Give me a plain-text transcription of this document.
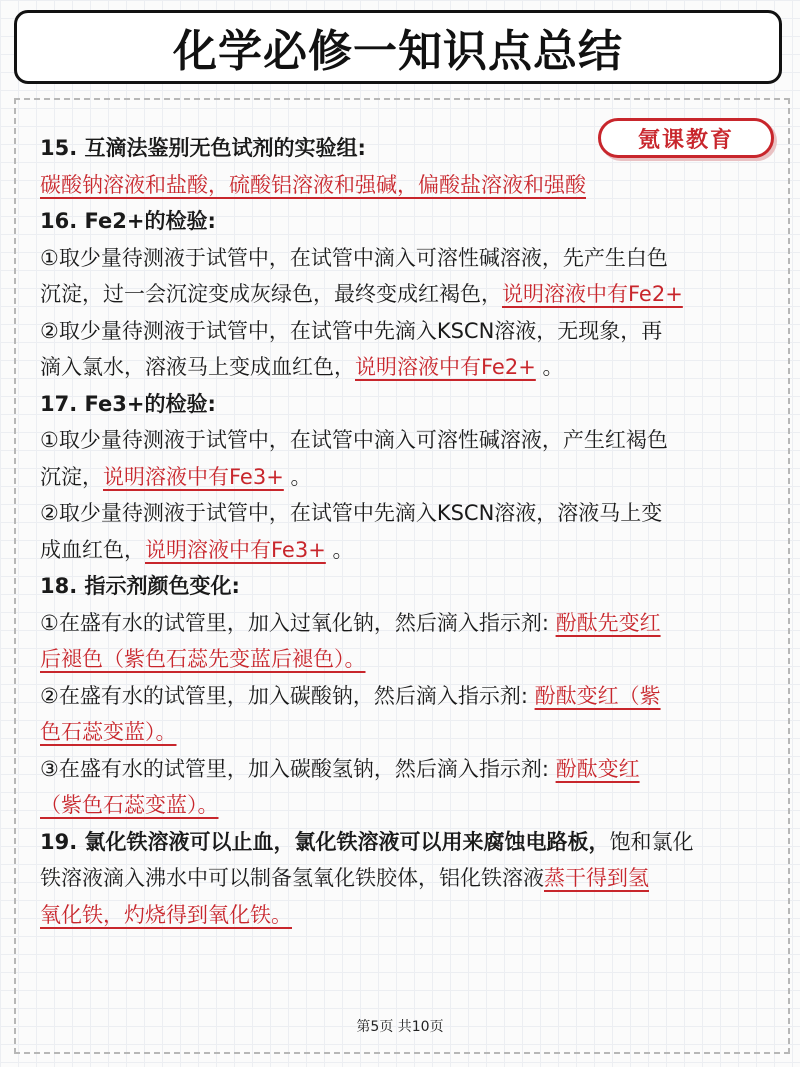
化学必修一知识点总结
氪课教育
15. 互滴法鉴别无色试剂的实验组:
碳酸钠溶液和盐酸，硫酸铝溶液和强碱，偏酸盐溶液和强酸
16. Fe2+的检验:
①取少量待测液于试管中，在试管中滴入可溶性碱溶液，先产生白色
沉淀，过一会沉淀变成灰绿色，最终变成红褐色，说明溶液中有Fe2+
②取少量待测液于试管中，在试管中先滴入KSCN溶液，无现象，再
滴入氯水，溶液马上变成血红色，说明溶液中有Fe2+ 。
17. Fe3+的检验:
①取少量待测液于试管中，在试管中滴入可溶性碱溶液，产生红褐色
沉淀，说明溶液中有Fe3+ 。
②取少量待测液于试管中，在试管中先滴入KSCN溶液，溶液马上变
成血红色，说明溶液中有Fe3+ 。
18. 指示剂颜色变化:
①在盛有水的试管里，加入过氧化钠，然后滴入指示剂: 酚酞先变红
后褪色（紫色石蕊先变蓝后褪色）。
②在盛有水的试管里，加入碳酸钠，然后滴入指示剂: 酚酞变红（紫
色石蕊变蓝）。
③在盛有水的试管里，加入碳酸氢钠，然后滴入指示剂: 酚酞变红
（紫色石蕊变蓝）。
19. 氯化铁溶液可以止血，氯化铁溶液可以用来腐蚀电路板，饱和氯化
铁溶液滴入沸水中可以制备氢氧化铁胶体，铝化铁溶液蒸干得到氢
氧化铁，灼烧得到氧化铁。
第5页 共10页
